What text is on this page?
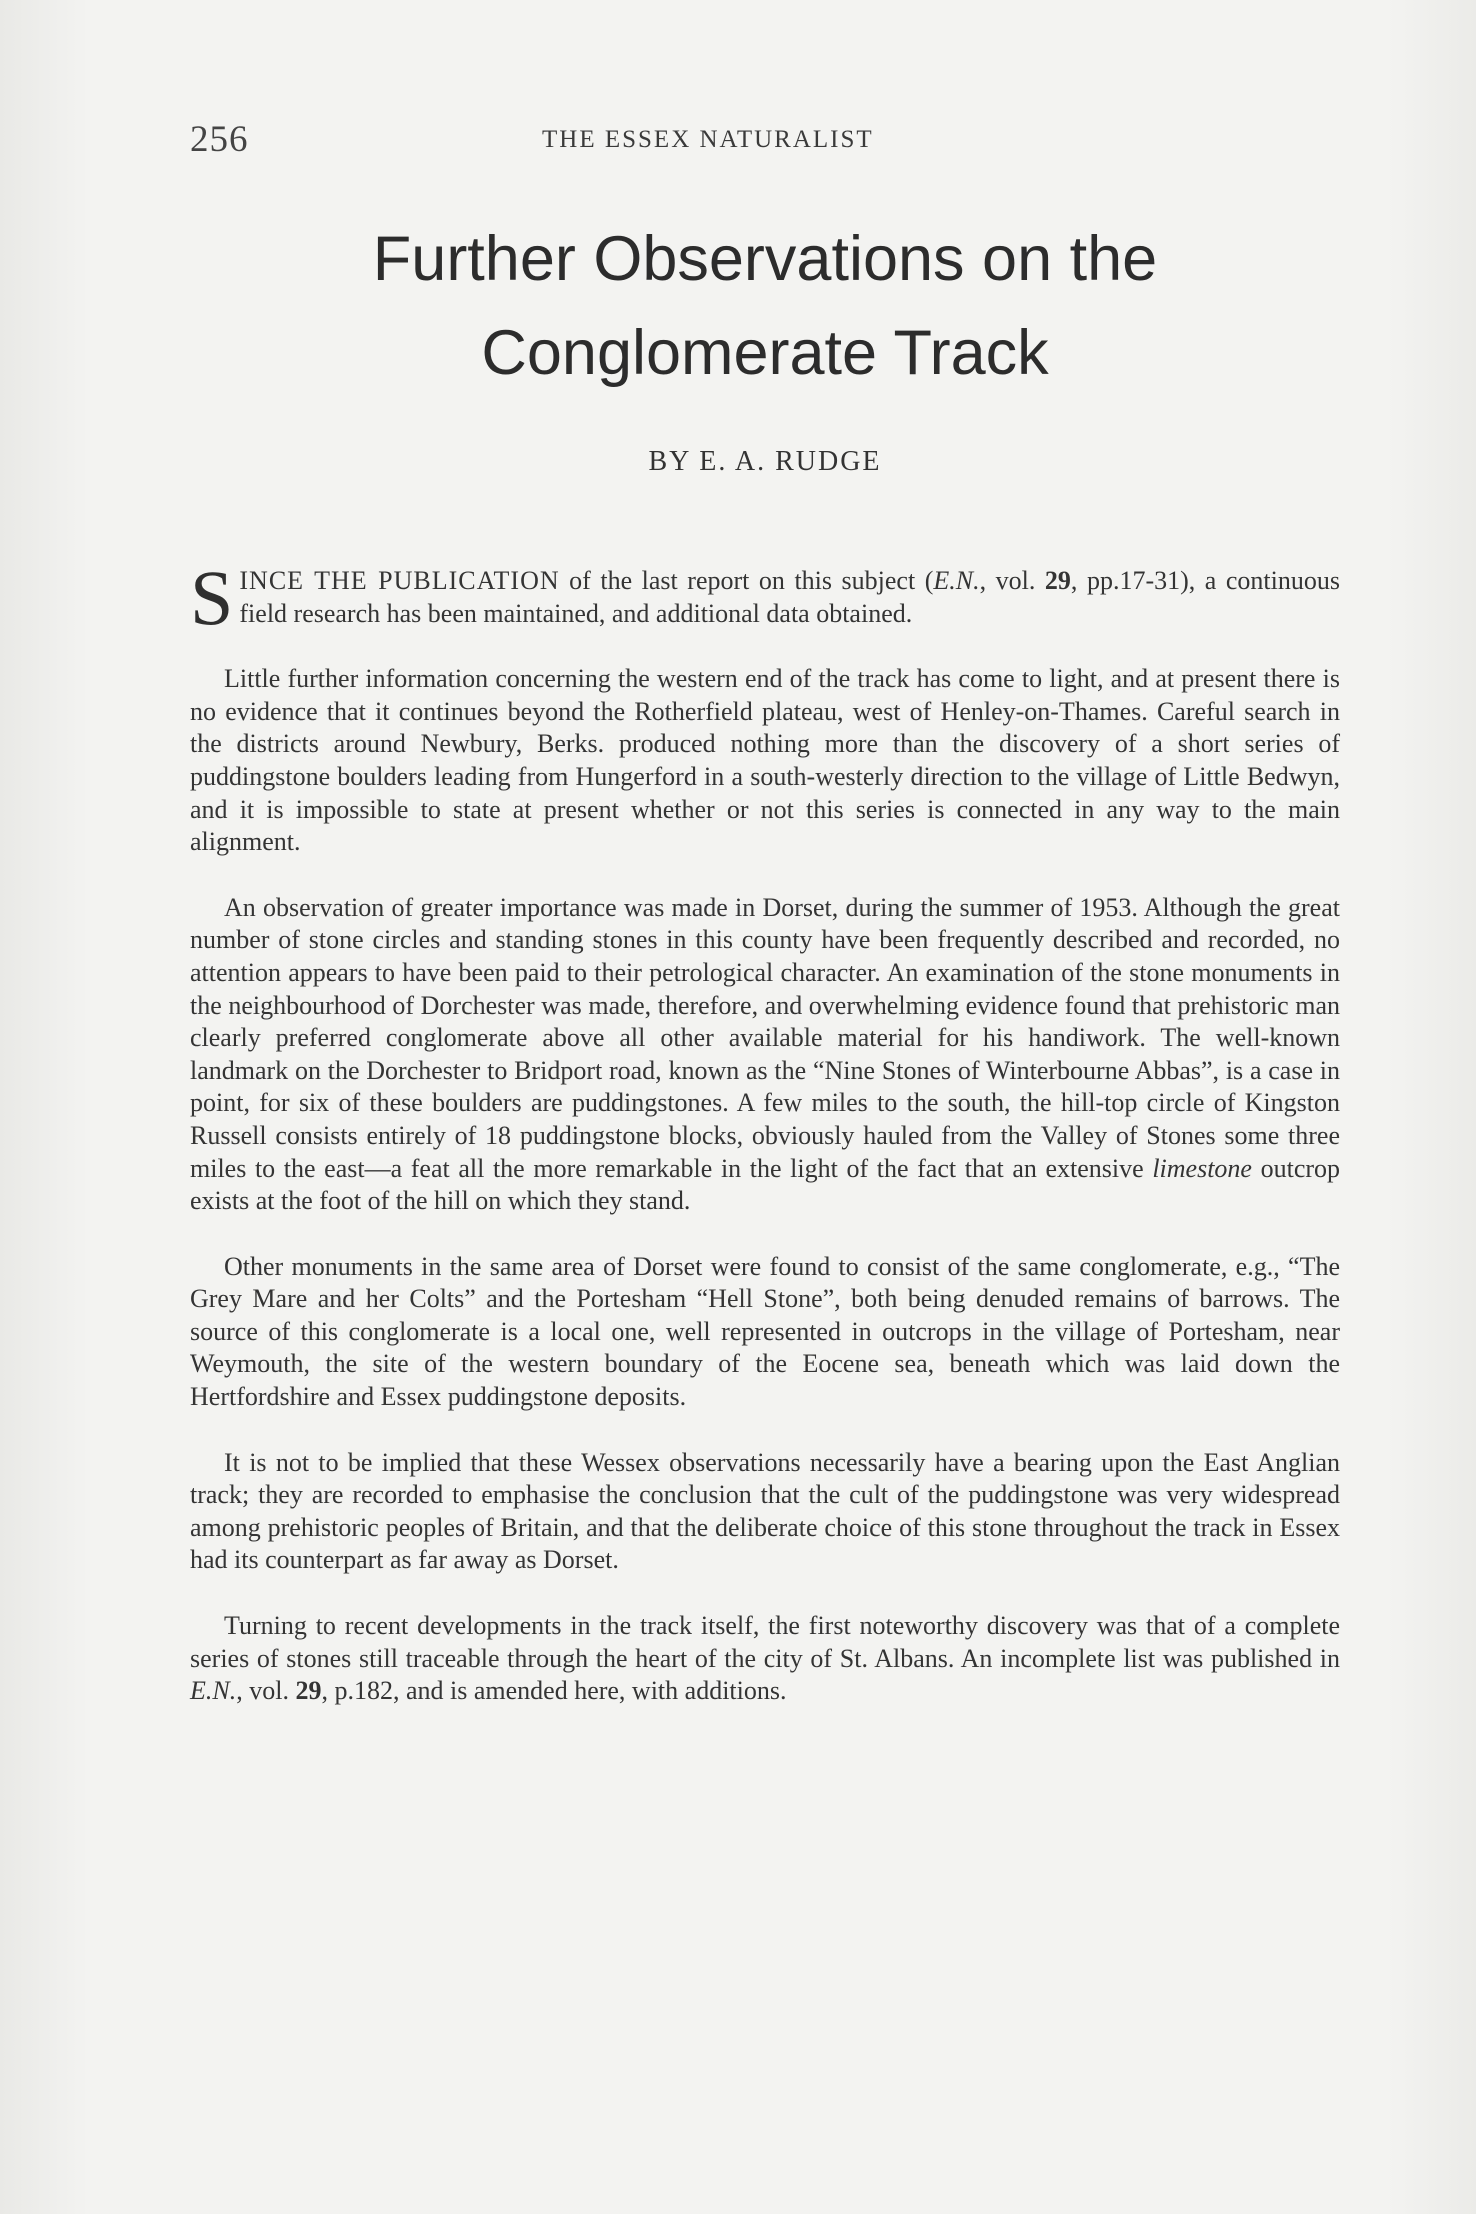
256	THE ESSEX NATURALIST
Further Observations on the
Conglomerate Track
BY E. A. RUDGE

SINCE THE PUBLICATION of the last report on this subject (E.N., vol. 29, pp.17-31), a continuous field research has been maintained, and additional data obtained.

Little further information concerning the western end of the track has come to light, and at present there is no evidence that it continues beyond the Rotherfield plateau, west of Henley-on-Thames. Careful search in the districts around Newbury, Berks. produced nothing more than the discovery of a short series of puddingstone boulders leading from Hungerford in a south-westerly direction to the village of Little Bedwyn, and it is impossible to state at present whether or not this series is connected in any way to the main alignment.

An observation of greater importance was made in Dorset, during the summer of 1953. Although the great number of stone circles and standing stones in this county have been frequently described and recorded, no attention appears to have been paid to their petrological character. An examination of the stone monuments in the neighbourhood of Dorchester was made, therefore, and overwhelming evidence found that prehistoric man clearly preferred conglomerate above all other available material for his handiwork. The well-known landmark on the Dorchester to Bridport road, known as the “Nine Stones of Winterbourne Abbas”, is a case in point, for six of these boulders are puddingstones. A few miles to the south, the hill-top circle of Kingston Russell consists entirely of 18 puddingstone blocks, obviously hauled from the Valley of Stones some three miles to the east—a feat all the more remarkable in the light of the fact that an extensive limestone outcrop exists at the foot of the hill on which they stand.

Other monuments in the same area of Dorset were found to consist of the same conglomerate, e.g., “The Grey Mare and her Colts” and the Portesham “Hell Stone”, both being denuded remains of barrows. The source of this conglomerate is a local one, well represented in outcrops in the village of Portesham, near Weymouth, the site of the western boundary of the Eocene sea, beneath which was laid down the Hertfordshire and Essex puddingstone deposits.

It is not to be implied that these Wessex observations necessarily have a bearing upon the East Anglian track; they are recorded to emphasise the conclusion that the cult of the puddingstone was very widespread among prehistoric peoples of Britain, and that the deliberate choice of this stone throughout the track in Essex had its counterpart as far away as Dorset.

Turning to recent developments in the track itself, the first noteworthy discovery was that of a complete series of stones still traceable through the heart of the city of St. Albans. An incomplete list was published in E.N., vol. 29, p.182, and is amended here, with additions.
